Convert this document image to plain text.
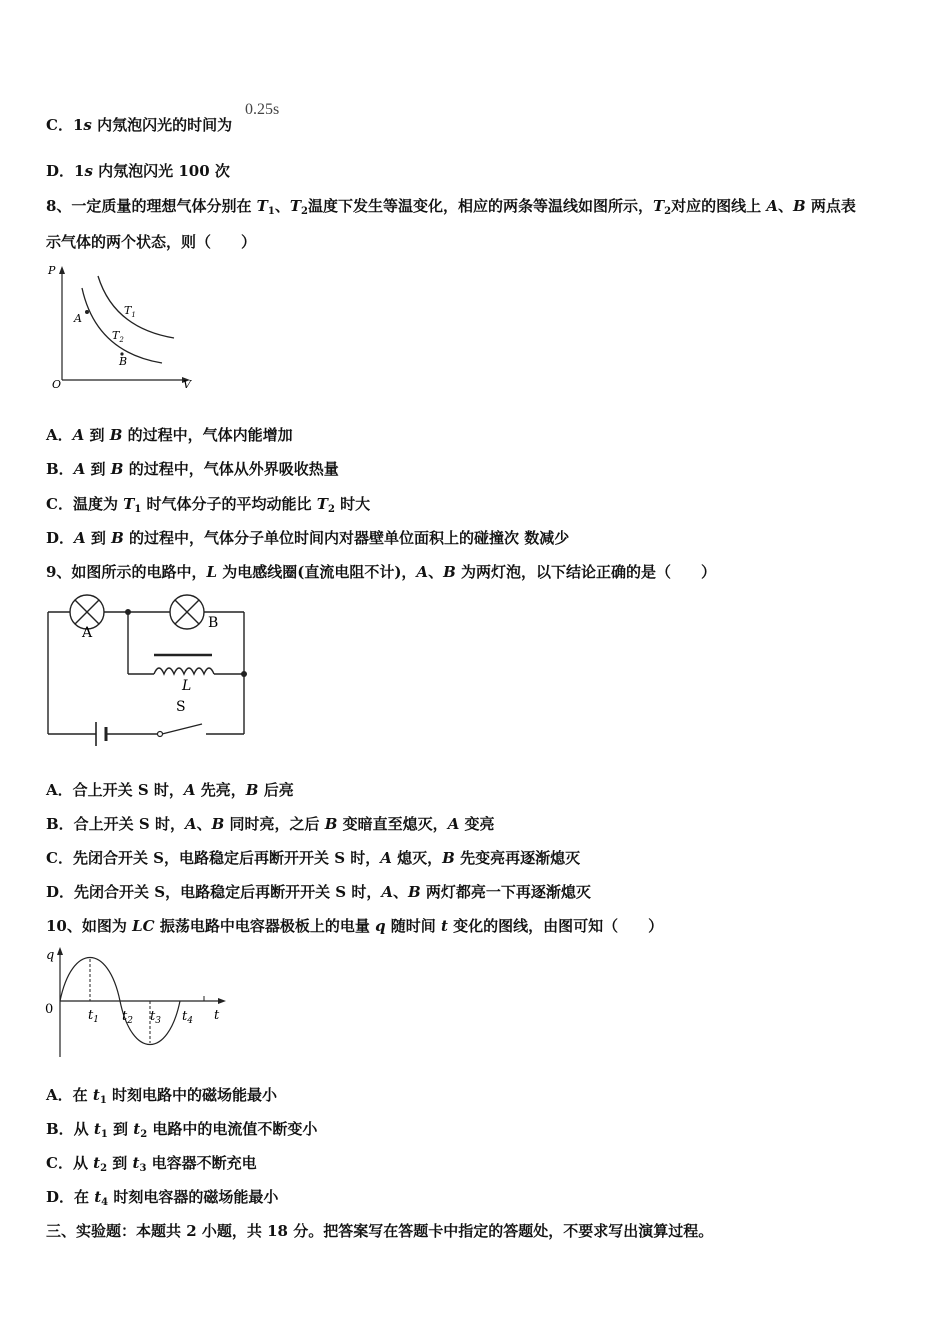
C．1s 内氖泡闪光的时间为
0.25s
D．1s 内氖泡闪光 100 次
8、一定质量的理想气体分别在 $T_1$、$T_2$温度下发生等温变化，相应的两条等温线如图所示，$T_2$对应的图线上 A、B 两点表
示气体的两个状态，则（　　）
P
V
O
A
B
$T_1$
$T_2$
A．A 到 B 的过程中，气体内能增加
B．A 到 B 的过程中，气体从外界吸收热量
C．温度为 $T_1$ 时气体分子的平均动能比 $T_2$ 时大
D．A 到 B 的过程中，气体分子单位时间内对器壁单位面积上的碰撞次 数减少
9、如图所示的电路中，L 为电感线圈(直流电阻不计)，A、B 为两灯泡，以下结论正确的是（　　）
A
B
L
S
A．合上开关 S 时，A 先亮，B 后亮
B．合上开关 S 时，A、B 同时亮，之后 B 变暗直至熄灭，A 变亮
C．先闭合开关 S，电路稳定后再断开开关 S 时，A 熄灭，B 先变亮再逐渐熄灭
D．先闭合开关 S，电路稳定后再断开开关 S 时，A、B 两灯都亮一下再逐渐熄灭
10、如图为 LC 振荡电路中电容器极板上的电量 q 随时间 t 变化的图线，由图可知（　　）
q
0	t
$t_1$ $t_2$ $t_3$ $t_4$
A．在 $t_1$ 时刻电路中的磁场能最小
B．从 $t_1$ 到 $t_2$ 电路中的电流值不断变小
C．从 $t_2$ 到 $t_3$ 电容器不断充电
D．在 $t_4$ 时刻电容器的磁场能最小
三、实验题：本题共 2 小题，共 18 分。把答案写在答题卡中指定的答题处，不要求写出演算过程。
